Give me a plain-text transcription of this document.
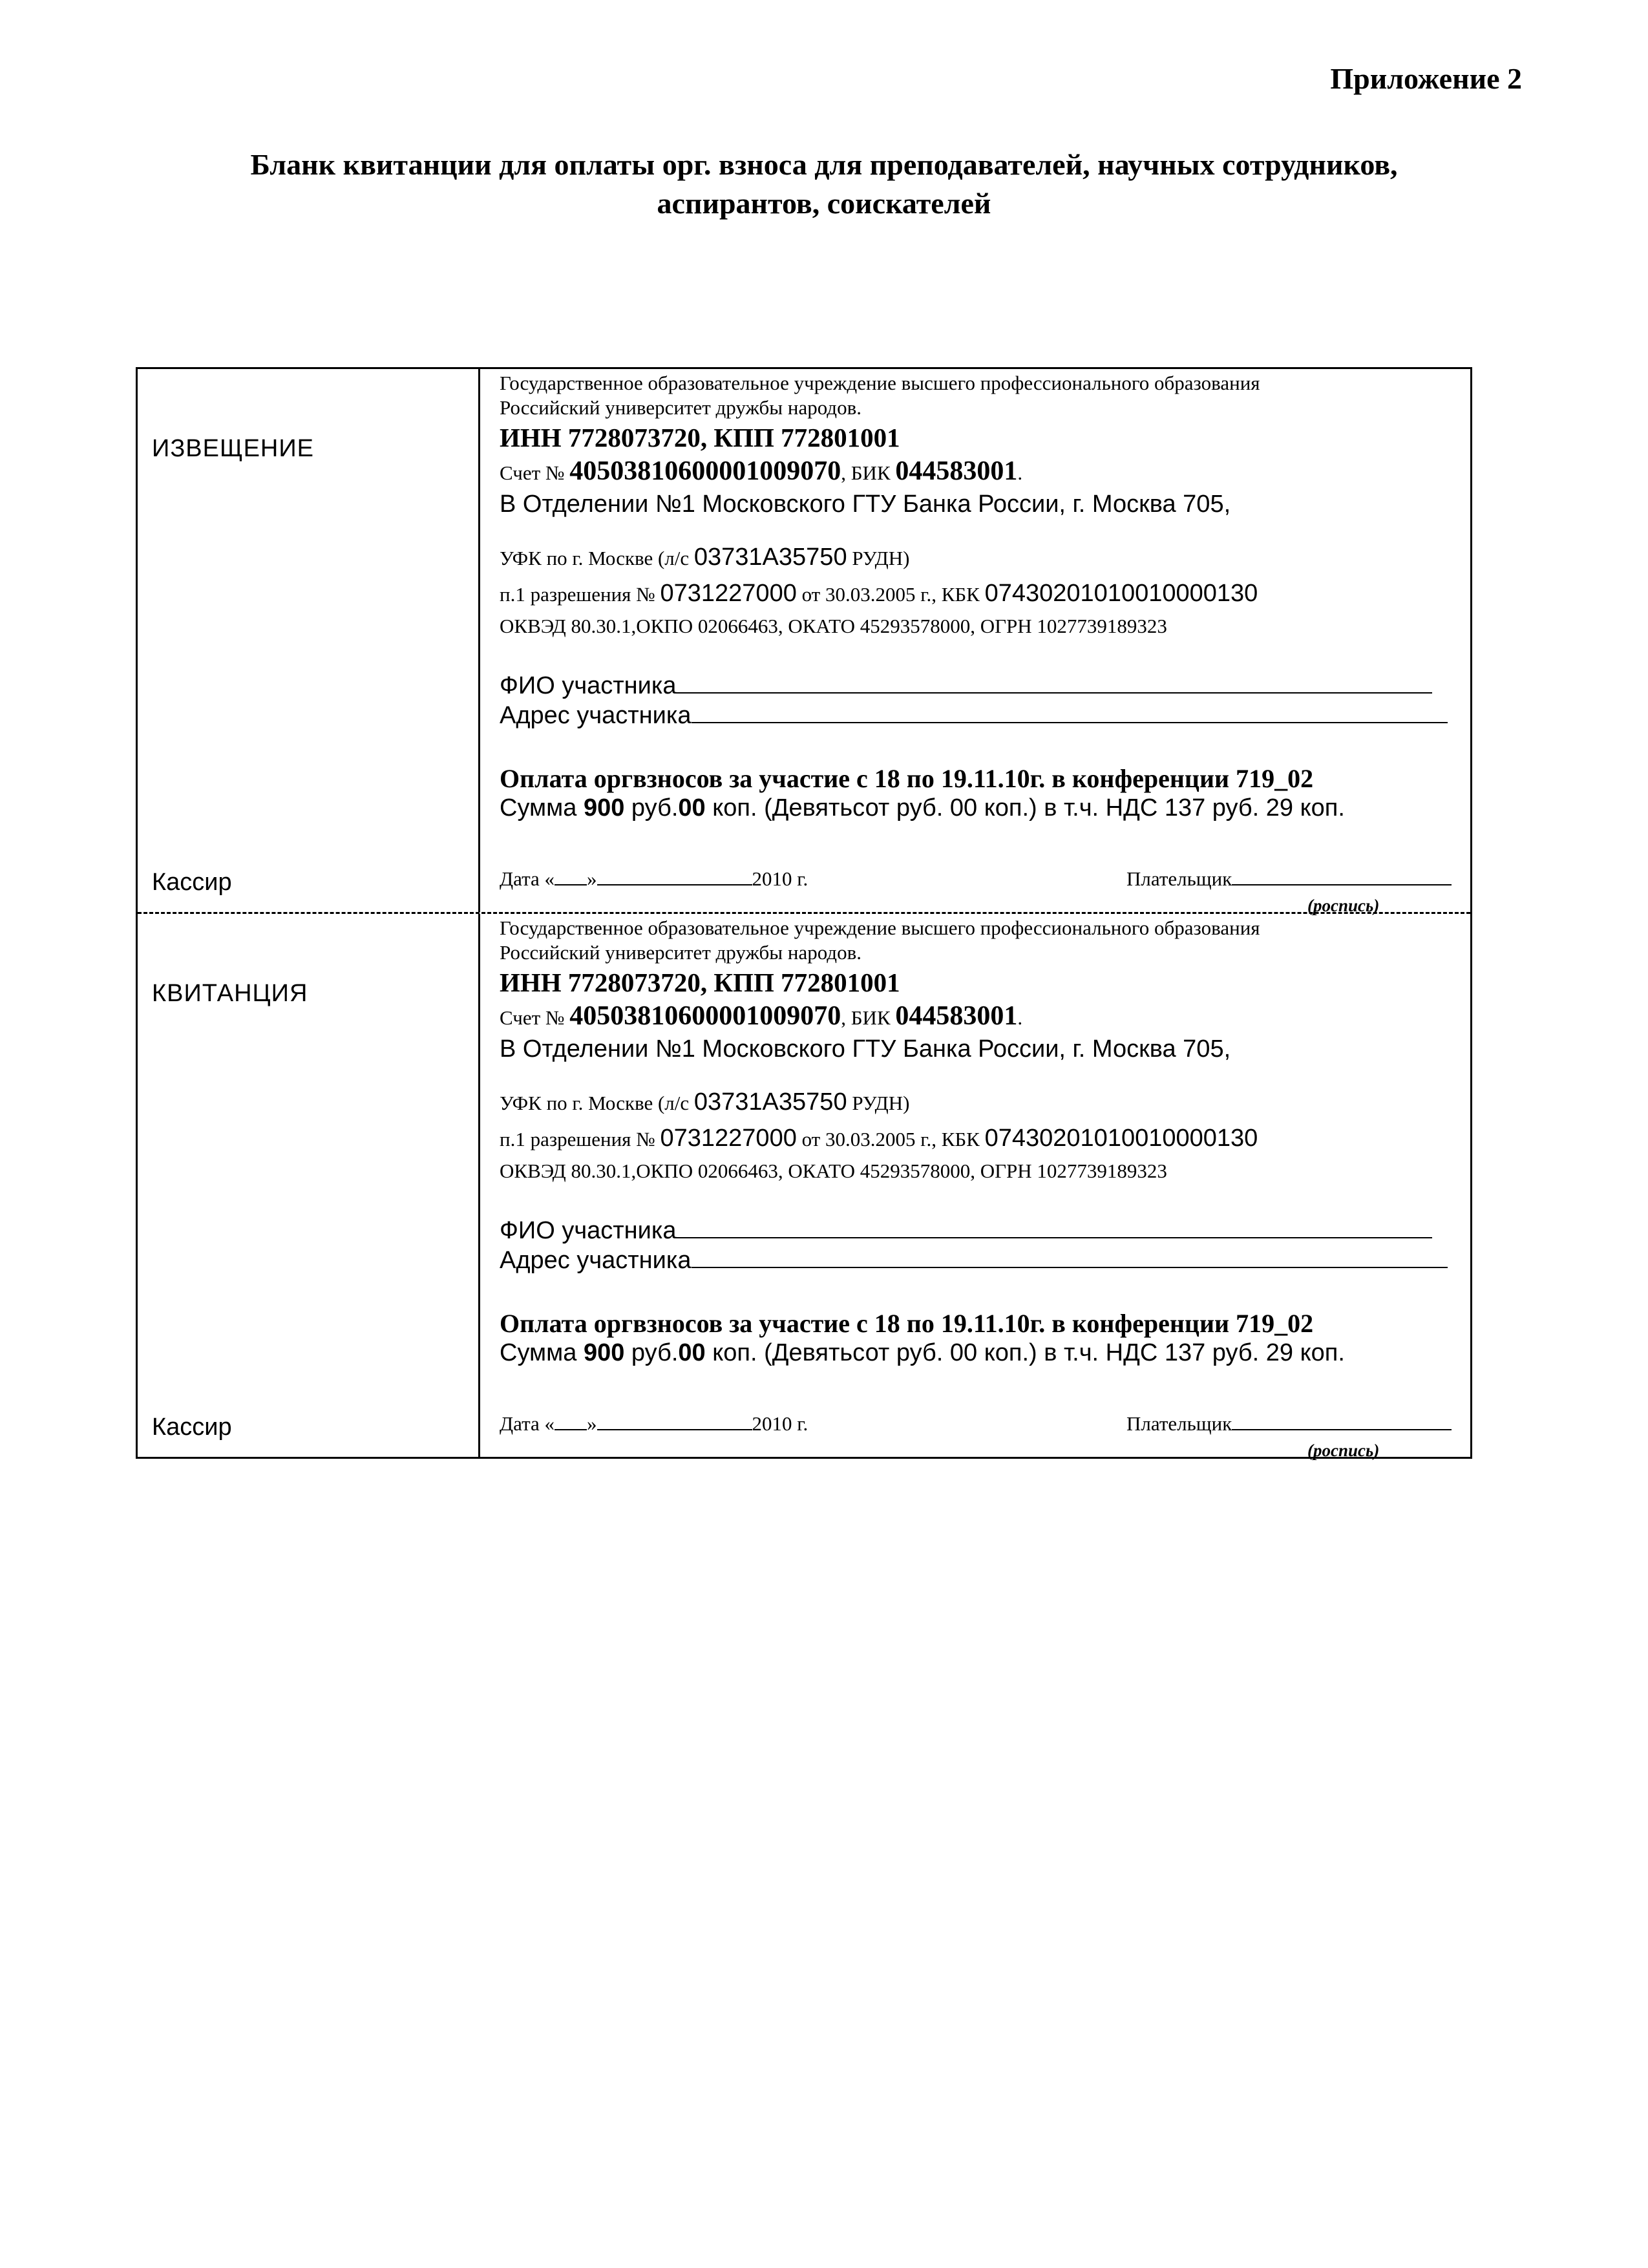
Приложение 2
Бланк квитанции для оплаты орг. взноса для преподавателей, научных сотрудников,
аспирантов, соискателей
ИЗВЕЩЕНИЕ
Кассир
Государственное образовательное учреждение высшего профессионального образования
Российский университет дружбы народов.
ИНН 7728073720, КПП 772801001
Счет № 40503810600001009070, БИК 044583001.
В Отделении №1 Московского ГТУ Банка России, г. Москва 705,
УФК по г. Москве (л/с 03731А35750 РУДН)
п.1 разрешения № 0731227000 от 30.03.2005 г., КБК 07430201010010000130
ОКВЭД 80.30.1,ОКПО 02066463, ОКАТО 45293578000, ОГРН 1027739189323
ФИО участника
Адрес участника
Оплата оргвзносов за участие с 18 по 19.11.10г. в конференции 719_02
Сумма 900 руб.00 коп. (Девятьсот руб. 00 коп.) в т.ч. НДС 137 руб. 29 коп.
Дата « »	2010 г.	Плательщик
(роспись)
КВИТАНЦИЯ
Кассир
Государственное образовательное учреждение высшего профессионального образования
Российский университет дружбы народов.
ИНН 7728073720, КПП 772801001
Счет № 40503810600001009070, БИК 044583001.
В Отделении №1 Московского ГТУ Банка России, г. Москва 705,
УФК по г. Москве (л/с 03731А35750 РУДН)
п.1 разрешения № 0731227000 от 30.03.2005 г., КБК 07430201010010000130
ОКВЭД 80.30.1,ОКПО 02066463, ОКАТО 45293578000, ОГРН 1027739189323
ФИО участника
Адрес участника
Оплата оргвзносов за участие с 18 по 19.11.10г. в конференции 719_02
Сумма 900 руб.00 коп. (Девятьсот руб. 00 коп.) в т.ч. НДС 137 руб. 29 коп.
Дата « »	2010 г.	Плательщик
(роспись)
